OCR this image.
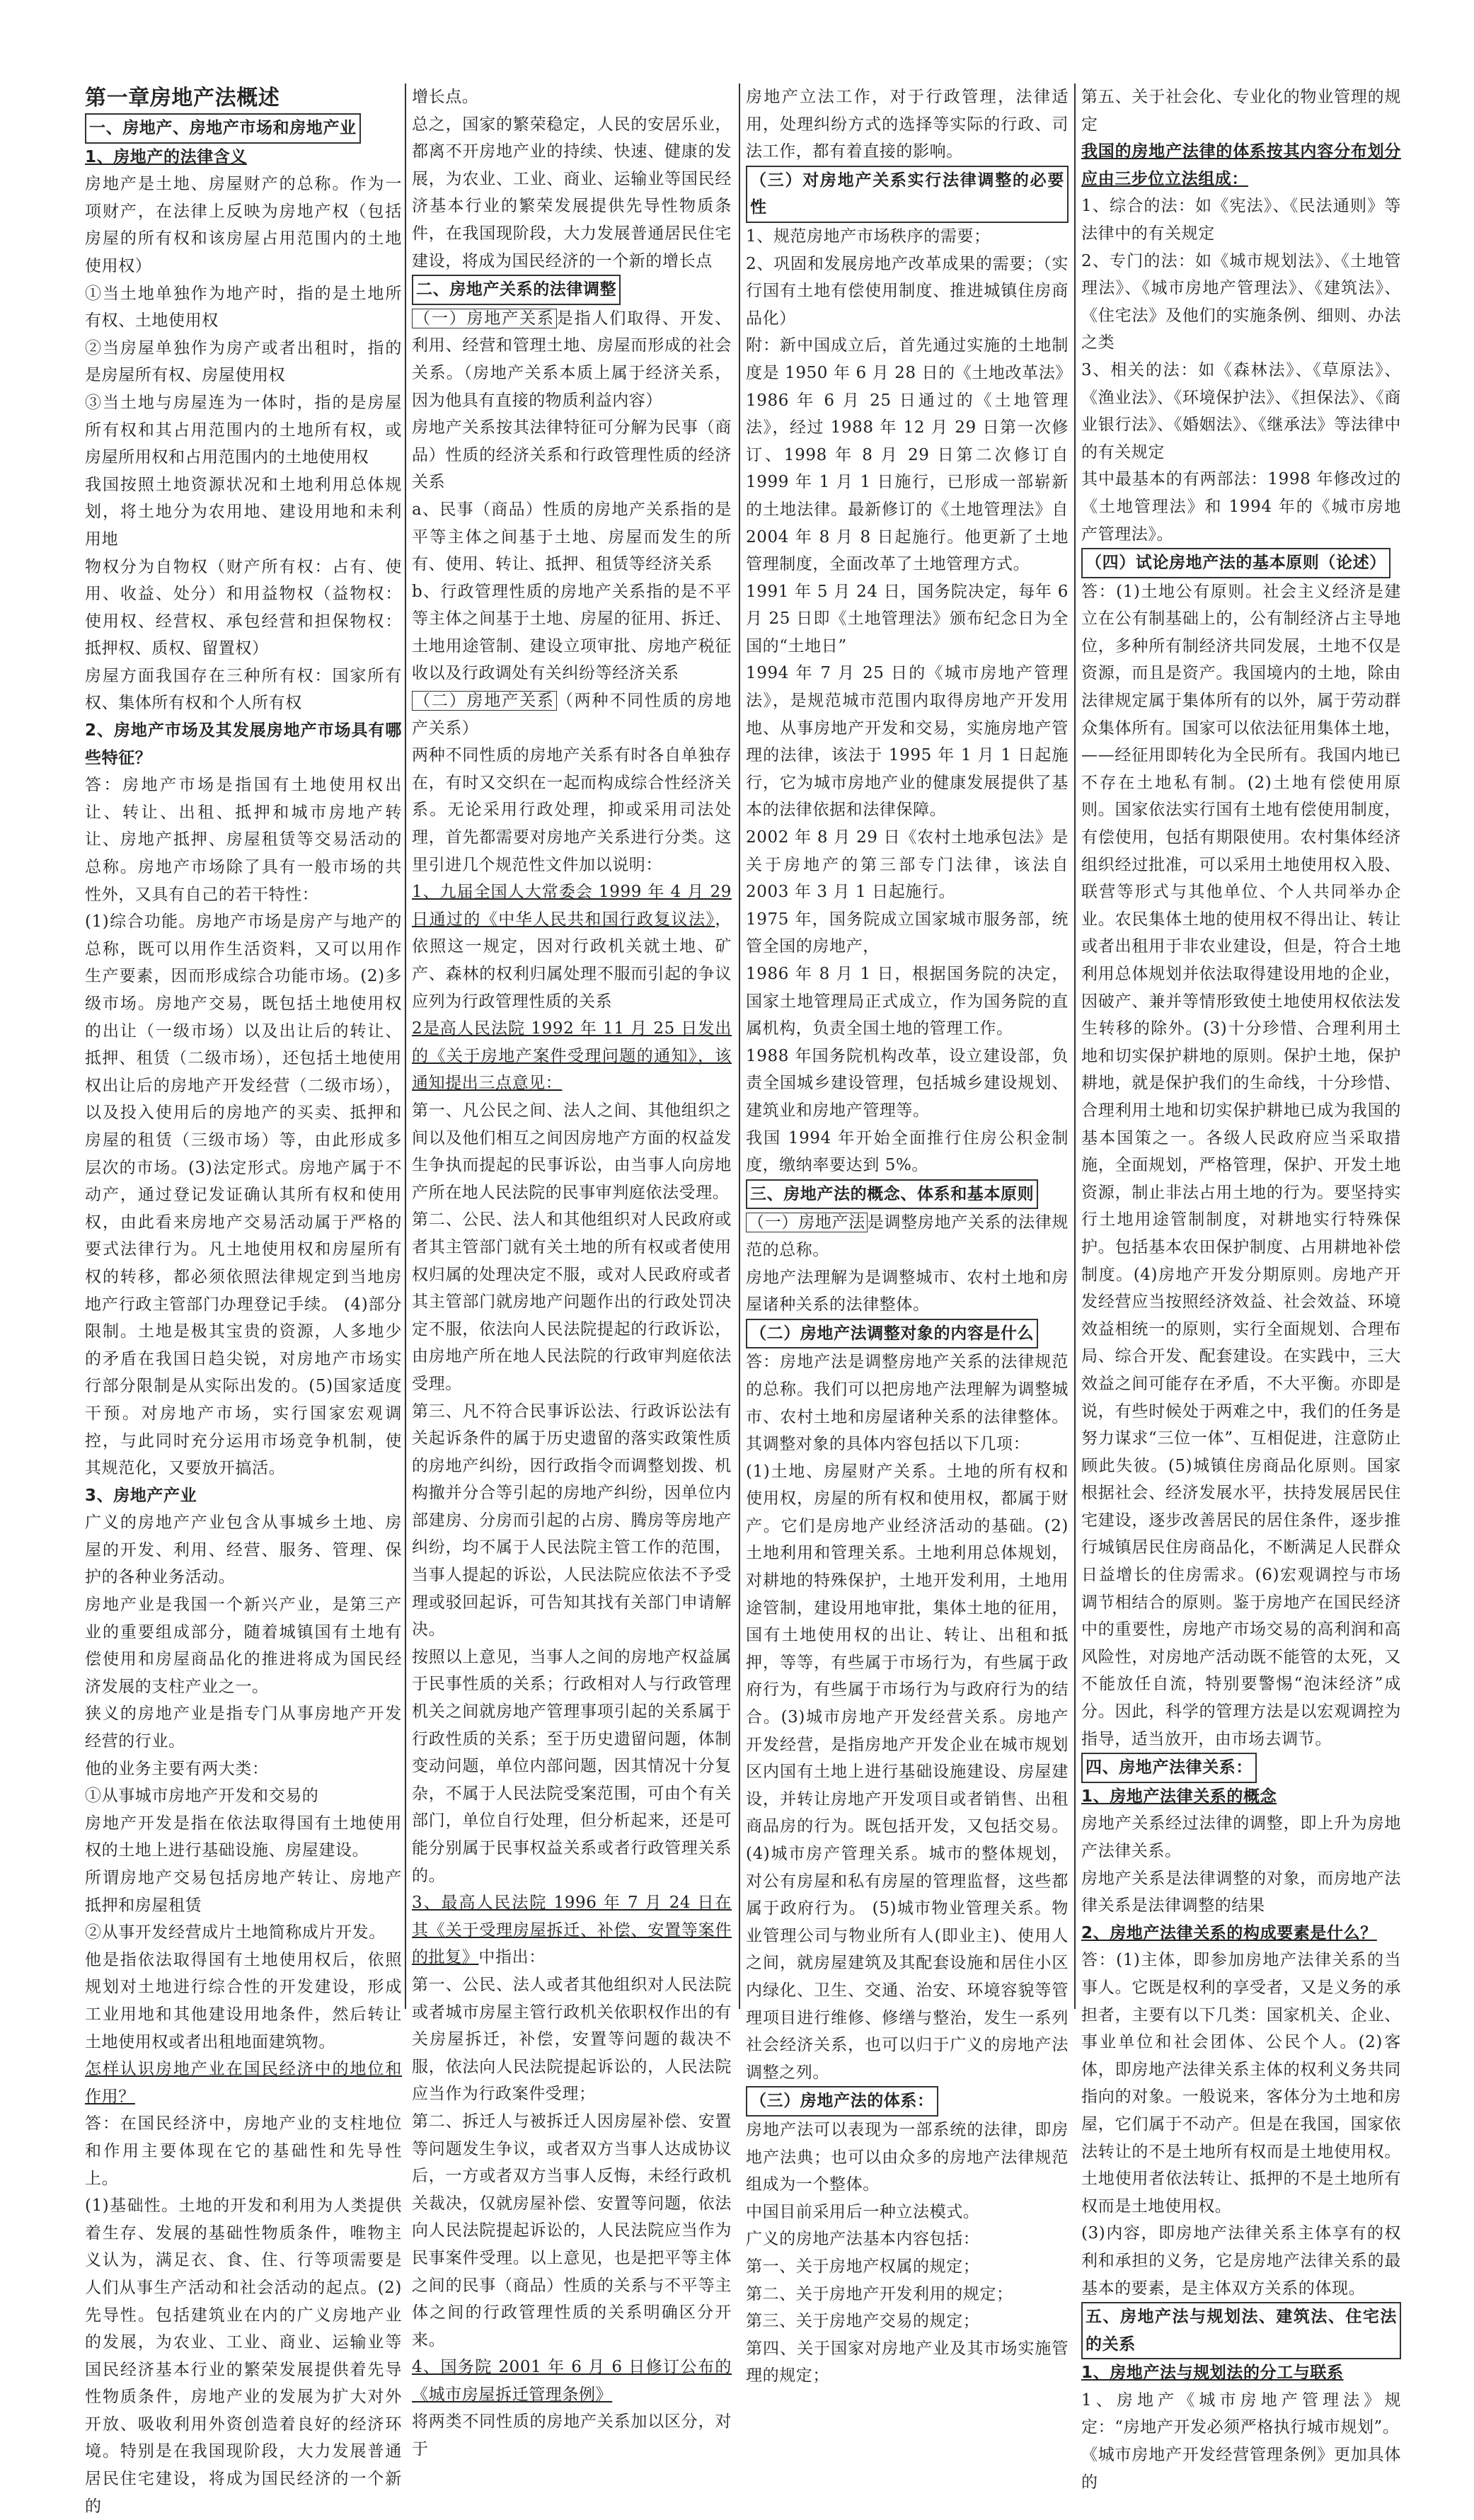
第一章房地产法概述
一、房地产、房地产市场和房地产业
1、房地产的法律含义
房地产是土地、房屋财产的总称。作为一项财产，在法律上反映为房地产权（包括房屋的所有权和该房屋占用范围内的土地使用权）
①当土地单独作为地产时，指的是土地所有权、土地使用权
②当房屋单独作为房产或者出租时，指的是房屋所有权、房屋使用权
③当土地与房屋连为一体时，指的是房屋所有权和其占用范围内的土地所有权，或房屋所用权和占用范围内的土地使用权
我国按照土地资源状况和土地利用总体规划，将土地分为农用地、建设用地和未利用地
物权分为自物权（财产所有权：占有、使用、收益、处分）和用益物权（益物权：使用权、经营权、承包经营和担保物权：抵押权、质权、留置权）
房屋方面我国存在三种所有权：国家所有权、集体所有权和个人所有权
2、房地产市场及其发展房地产市场具有哪些特征？
答：房地产市场是指国有土地使用权出让、转让、出租、抵押和城市房地产转让、房地产抵押、房屋租赁等交易活动的总称。房地产市场除了具有一般市场的共性外，又具有自己的若干特性：
(1)综合功能。房地产市场是房产与地产的总称，既可以用作生活资料，又可以用作生产要素，因而形成综合功能市场。(2)多级市场。房地产交易，既包括土地使用权的出让（一级市场）以及出让后的转让、抵押、租赁（二级市场），还包括土地使用权出让后的房地产开发经营（二级市场），以及投入使用后的房地产的买卖、抵押和房屋的租赁（三级市场）等，由此形成多层次的市场。(3)法定形式。房地产属于不动产，通过登记发证确认其所有权和使用权，由此看来房地产交易活动属于严格的要式法律行为。凡土地使用权和房屋所有权的转移，都必须依照法律规定到当地房地产行政主管部门办理登记手续。 (4)部分限制。土地是极其宝贵的资源，人多地少的矛盾在我国日趋尖锐，对房地产市场实行部分限制是从实际出发的。(5)国家适度干预。对房地产市场，实行国家宏观调控，与此同时充分运用市场竞争机制，使其规范化，又要放开搞活。
3、房地产产业
广义的房地产产业包含从事城乡土地、房屋的开发、利用、经营、服务、管理、保护的各种业务活动。
房地产业是我国一个新兴产业，是第三产业的重要组成部分，随着城镇国有土地有偿使用和房屋商品化的推进将成为国民经济发展的支柱产业之一。
狭义的房地产业是指专门从事房地产开发经营的行业。
他的业务主要有两大类：
①从事城市房地产开发和交易的
房地产开发是指在依法取得国有土地使用权的土地上进行基础设施、房屋建设。
所谓房地产交易包括房地产转让、房地产抵押和房屋租赁
②从事开发经营成片土地简称成片开发。
他是指依法取得国有土地使用权后，依照规划对土地进行综合性的开发建设，形成工业用地和其他建设用地条件，然后转让土地使用权或者出租地面建筑物。
怎样认识房地产业在国民经济中的地位和作用？
答：在国民经济中，房地产业的支柱地位和作用主要体现在它的基础性和先导性上。
(1)基础性。土地的开发和利用为人类提供着生存、发展的基础性物质条件，唯物主义认为，满足衣、食、住、行等项需要是人们从事生产活动和社会活动的起点。(2)先导性。包括建筑业在内的广义房地产业的发展，为农业、工业、商业、运输业等国民经济基本行业的繁荣发展提供着先导性物质条件，房地产业的发展为扩大对外开放、吸收利用外资创造着良好的经济环境。特别是在我国现阶段，大力发展普通居民住宅建设，将成为国民经济的一个新的
增长点。
总之，国家的繁荣稳定，人民的安居乐业，都离不开房地产业的持续、快速、健康的发展，为农业、工业、商业、运输业等国民经济基本行业的繁荣发展提供先导性物质条件，在我国现阶段，大力发展普通居民住宅建设，将成为国民经济的一个新的增长点
二、房地产关系的法律调整
（一）房地产关系 是指人们取得、开发、利用、经营和管理土地、房屋而形成的社会关系。（房地产关系本质上属于经济关系，因为他具有直接的物质利益内容）
房地产关系按其法律特征可分解为民事（商品）性质的经济关系和行政管理性质的经济关系
a、民事（商品）性质的房地产关系指的是平等主体之间基于土地、房屋而发生的所有、使用、转让、抵押、租赁等经济关系
b、行政管理性质的房地产关系指的是不平等主体之间基于土地、房屋的征用、拆迁、土地用途管制、建设立项审批、房地产税征收以及行政调处有关纠纷等经济关系
（二）房地产关系 （两种不同性质的房地产关系）
两种不同性质的房地产关系有时各自单独存在，有时又交织在一起而构成综合性经济关系。无论采用行政处理，抑或采用司法处理，首先都需要对房地产关系进行分类。这里引进几个规范性文件加以说明：
1、九届全国人大常委会 1999 年 4 月 29 日通过的《中华人民共和国行政复议法》，依照这一规定，因对行政机关就土地、矿产、森林的权利归属处理不服而引起的争议应列为行政管理性质的关系
2是高人民法院 1992 年 11 月 25 日发出的《关于房地产案件受理问题的通知》，该通知提出三点意见：
第一、凡公民之间、法人之间、其他组织之间以及他们相互之间因房地产方面的权益发生争执而提起的民事诉讼，由当事人向房地产所在地人民法院的民事审判庭依法受理。
第二、公民、法人和其他组织对人民政府或者其主管部门就有关土地的所有权或者使用权归属的处理决定不服，或对人民政府或者其主管部门就房地产问题作出的行政处罚决定不服，依法向人民法院提起的行政诉讼，由房地产所在地人民法院的行政审判庭依法受理。
第三、凡不符合民事诉讼法、行政诉讼法有关起诉条件的属于历史遗留的落实政策性质的房地产纠纷，因行政指令而调整划拨、机构撤并分合等引起的房地产纠纷，因单位内部建房、分房而引起的占房、腾房等房地产纠纷，均不属于人民法院主管工作的范围，当事人提起的诉讼，人民法院应依法不予受理或驳回起诉，可告知其找有关部门申请解决。
按照以上意见，当事人之间的房地产权益属于民事性质的关系；行政相对人与行政管理机关之间就房地产管理事项引起的关系属于行政性质的关系；至于历史遗留问题，体制变动问题，单位内部问题，因其情况十分复杂，不属于人民法院受案范围，可由个有关部门，单位自行处理，但分析起来，还是可能分别属于民事权益关系或者行政管理关系的。
3、最高人民法院 1996 年 7 月 24 日在其《关于受理房屋拆迁、补偿、安置等案件的批复》中指出：
第一、公民、法人或者其他组织对人民法院或者城市房屋主管行政机关依职权作出的有关房屋拆迁，补偿，安置等问题的裁决不服，依法向人民法院提起诉讼的，人民法院应当作为行政案件受理；
第二、拆迁人与被拆迁人因房屋补偿、安置等问题发生争议，或者双方当事人达成协议后，一方或者双方当事人反悔，未经行政机关裁决，仅就房屋补偿、安置等问题，依法向人民法院提起诉讼的，人民法院应当作为民事案件受理。以上意见，也是把平等主体之间的民事（商品）性质的关系与不平等主体之间的行政管理性质的关系明确区分开来。
4、国务院 2001 年 6 月 6 日修订公布的《城市房屋拆迁管理条例》
将两类不同性质的房地产关系加以区分，对于
房地产立法工作，对于行政管理，法律适用，处理纠纷方式的选择等实际的行政、司法工作，都有着直接的影响。
（三）对房地产关系实行法律调整的必要性
1、规范房地产市场秩序的需要；
2、巩固和发展房地产改革成果的需要；（实行国有土地有偿使用制度、推进城镇住房商品化）
附：新中国成立后，首先通过实施的土地制度是 1950 年 6 月 28 日的《土地改革法》
1986 年 6 月 25 日通过的《土地管理法》，经过 1988 年 12 月 29 日第一次修订、1998 年 8 月 29 日第二次修订自 1999 年 1 月 1 日施行，已形成一部崭新的土地法律。最新修订的《土地管理法》自 2004 年 8 月 8 日起施行。他更新了土地管理制度，全面改革了土地管理方式。
1991 年 5 月 24 日，国务院决定，每年 6 月 25 日即《土地管理法》颁布纪念日为全国的“土地日”
1994 年 7 月 25 日的《城市房地产管理法》，是规范城市范围内取得房地产开发用地、从事房地产开发和交易，实施房地产管理的法律，该法于 1995 年 1 月 1 日起施行，它为城市房地产业的健康发展提供了基本的法律依据和法律保障。
2002 年 8 月 29 日《农村土地承包法》是关于房地产的第三部专门法律，该法自 2003 年 3 月 1 日起施行。
1975 年，国务院成立国家城市服务部，统管全国的房地产，
1986 年 8 月 1 日，根据国务院的决定，国家土地管理局正式成立，作为国务院的直属机构，负责全国土地的管理工作。
1988 年国务院机构改革，设立建设部，负责全国城乡建设管理，包括城乡建设规划、建筑业和房地产管理等。
我国 1994 年开始全面推行住房公积金制度，缴纳率要达到 5%。
三、房地产法的概念、体系和基本原则
（一）房地产法 是调整房地产关系的法律规范的总称。
房地产法理解为是调整城市、农村土地和房屋诸种关系的法律整体。
（二）房地产法调整对象的内容是什么
答：房地产法是调整房地产关系的法律规范的总称。我们可以把房地产法理解为调整城市、农村土地和房屋诸种关系的法律整体。其调整对象的具体内容包括以下几项：
(1)土地、房屋财产关系。土地的所有权和使用权，房屋的所有权和使用权，都属于财产。它们是房地产业经济活动的基础。(2)土地利用和管理关系。土地利用总体规划，对耕地的特殊保护，土地开发利用，土地用途管制，建设用地审批，集体土地的征用，国有土地使用权的出让、转让、出租和抵押，等等，有些属于市场行为，有些属于政府行为，有些属于市场行为与政府行为的结合。(3)城市房地产开发经营关系。房地产开发经营，是指房地产开发企业在城市规划区内国有土地上进行基础设施建设、房屋建设，并转让房地产开发项目或者销售、出租商品房的行为。既包括开发，又包括交易。(4)城市房产管理关系。城市的整体规划，对公有房屋和私有房屋的管理监督，这些都属于政府行为。 (5)城市物业管理关系。物业管理公司与物业所有人(即业主)、使用人之间，就房屋建筑及其配套设施和居住小区内绿化、卫生、交通、治安、环境容貌等管理项目进行维修、修缮与整治，发生一系列社会经济关系，也可以归于广义的房地产法调整之列。
（三）房地产法的体系：
房地产法可以表现为一部系统的法律，即房地产法典；也可以由众多的房地产法律规范组成为一个整体。
中国目前采用后一种立法模式。
广义的房地产法基本内容包括：
第一、关于房地产权属的规定；
第二、关于房地产开发利用的规定；
第三、关于房地产交易的规定；
第四、关于国家对房地产业及其市场实施管理的规定；
第五、关于社会化、专业化的物业管理的规定
我国的房地产法律的体系按其内容分布划分应由三步位立法组成：
1、综合的法：如《宪法》、《民法通则》等法律中的有关规定
2、专门的法：如《城市规划法》、《土地管理法》、《城市房地产管理法》、《建筑法》、《住宅法》及他们的实施条例、细则、办法之类
3、相关的法：如《森林法》、《草原法》、《渔业法》、《环境保护法》、《担保法》、《商业银行法》、《婚姻法》、《继承法》等法律中的有关规定
其中最基本的有两部法：1998 年修改过的《土地管理法》和 1994 年的《城市房地产管理法》。
（四）试论房地产法的基本原则（论述）
答：(1)土地公有原则。社会主义经济是建立在公有制基础上的，公有制经济占主导地位，多种所有制经济共同发展，土地不仅是资源，而且是资产。我国境内的土地，除由法律规定属于集体所有的以外，属于劳动群众集体所有。国家可以依法征用集体土地，——经征用即转化为全民所有。我国内地已不存在土地私有制。(2)土地有偿使用原则。国家依法实行国有土地有偿使用制度，有偿使用，包括有期限使用。农村集体经济组织经过批准，可以采用土地使用权入股、联营等形式与其他单位、个人共同举办企业。农民集体土地的使用权不得出让、转让或者出租用于非农业建设，但是，符合土地利用总体规划并依法取得建设用地的企业，因破产、兼并等情形致使土地使用权依法发生转移的除外。(3)十分珍惜、合理利用土地和切实保护耕地的原则。保护土地，保护耕地，就是保护我们的生命线，十分珍惜、合理利用土地和切实保护耕地已成为我国的基本国策之一。各级人民政府应当采取措施，全面规划，严格管理，保护、开发土地资源，制止非法占用土地的行为。要坚持实行土地用途管制制度，对耕地实行特殊保护。包括基本农田保护制度、占用耕地补偿制度。(4)房地产开发分期原则。房地产开发经营应当按照经济效益、社会效益、环境效益相统一的原则，实行全面规划、合理布局、综合开发、配套建设。在实践中，三大效益之间可能存在矛盾，不大平衡。亦即是说，有些时候处于两难之中，我们的任务是努力谋求“三位一体”、互相促进，注意防止顾此失彼。(5)城镇住房商品化原则。国家根据社会、经济发展水平，扶持发展居民住宅建设，逐步改善居民的居住条件，逐步推行城镇居民住房商品化，不断满足人民群众日益增长的住房需求。(6)宏观调控与市场调节相结合的原则。鉴于房地产在国民经济中的重要性，房地产市场交易的高利润和高风险性，对房地产活动既不能管的太死，又不能放任自流，特别要警惕“泡沫经济”成分。因此，科学的管理方法是以宏观调控为指导，适当放开，由市场去调节。
四、房地产法律关系：
1、房地产法律关系的概念
房地产关系经过法律的调整，即上升为房地产法律关系。
房地产关系是法律调整的对象，而房地产法律关系是法律调整的结果
2、房地产法律关系的构成要素是什么？
答：(1)主体，即参加房地产法律关系的当事人。它既是权利的享受者，又是义务的承担者，主要有以下几类：国家机关、企业、事业单位和社会团体、公民个人。(2)客体，即房地产法律关系主体的权利义务共同指向的对象。一般说来，客体分为土地和房屋，它们属于不动产。但是在我国，国家依法转让的不是土地所有权而是土地使用权。土地使用者依法转让、抵押的不是土地所有权而是土地使用权。
(3)内容，即房地产法律关系主体享有的权利和承担的义务，它是房地产法律关系的最基本的要素，是主体双方关系的体现。
五、房地产法与规划法、建筑法、住宅法的关系
1、房地产法与规划法的分工与联系
1、房地产《城市房地产管理法》规定：“房地产开发必须严格执行城市规划”。
《城市房地产开发经营管理条例》更加具体的
